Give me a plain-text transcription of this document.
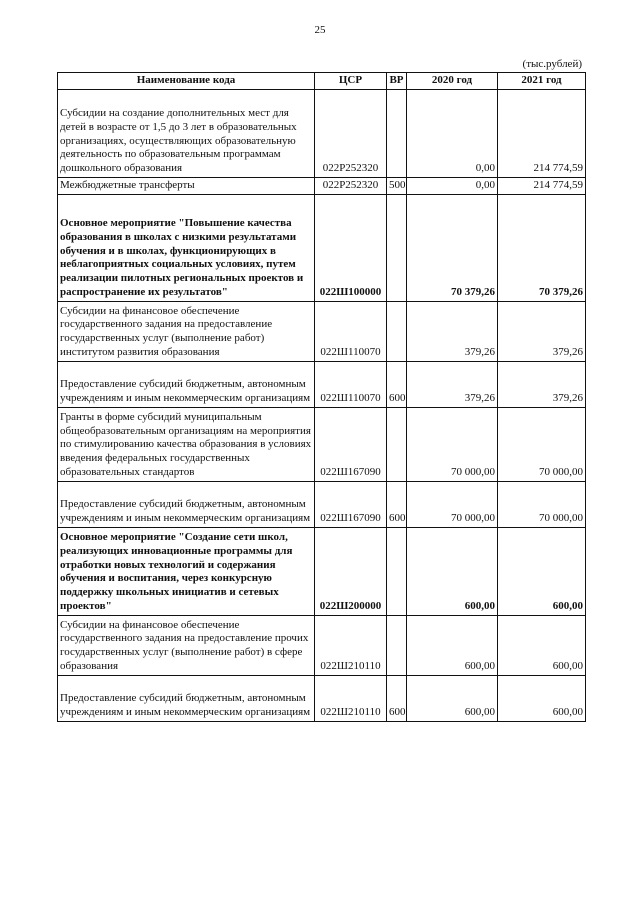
25
(тыс.рублей)
Наименование кода	ЦСР	ВР	2020 год	2021 год
Субсидии на создание дополнительных мест для детей в возрасте от 1,5 до 3 лет в образовательных организациях, осуществляющих образовательную деятельность по образовательным программам дошкольного образования	022P252320		0,00	214 774,59
Межбюджетные трансферты	022P252320	500	0,00	214 774,59
Основное мероприятие "Повышение качества образования в школах с низкими результатами обучения и в школах, функционирующих в неблагоприятных социальных условиях, путем реализации пилотных региональных проектов и распространение их результатов"	022Ш100000		70 379,26	70 379,26
Субсидии на финансовое обеспечение государственного задания на предоставление государственных услуг (выполнение работ) институтом развития образования	022Ш110070		379,26	379,26
Предоставление субсидий бюджетным, автономным учреждениям и иным некоммерческим организациям	022Ш110070	600	379,26	379,26
Гранты в форме субсидий муниципальным общеобразовательным организациям на мероприятия по стимулированию качества образования в условиях введения федеральных государственных образовательных стандартов	022Ш167090		70 000,00	70 000,00
Предоставление субсидий бюджетным, автономным учреждениям и иным некоммерческим организациям	022Ш167090	600	70 000,00	70 000,00
Основное мероприятие "Создание сети школ, реализующих инновационные программы для отработки новых технологий и содержания обучения и воспитания, через конкурсную поддержку школьных инициатив и сетевых проектов"	022Ш200000		600,00	600,00
Субсидии на финансовое обеспечение государственного задания на предоставление прочих государственных услуг (выполнение работ) в сфере образования	022Ш210110		600,00	600,00
Предоставление субсидий бюджетным, автономным учреждениям и иным некоммерческим организациям	022Ш210110	600	600,00	600,00
